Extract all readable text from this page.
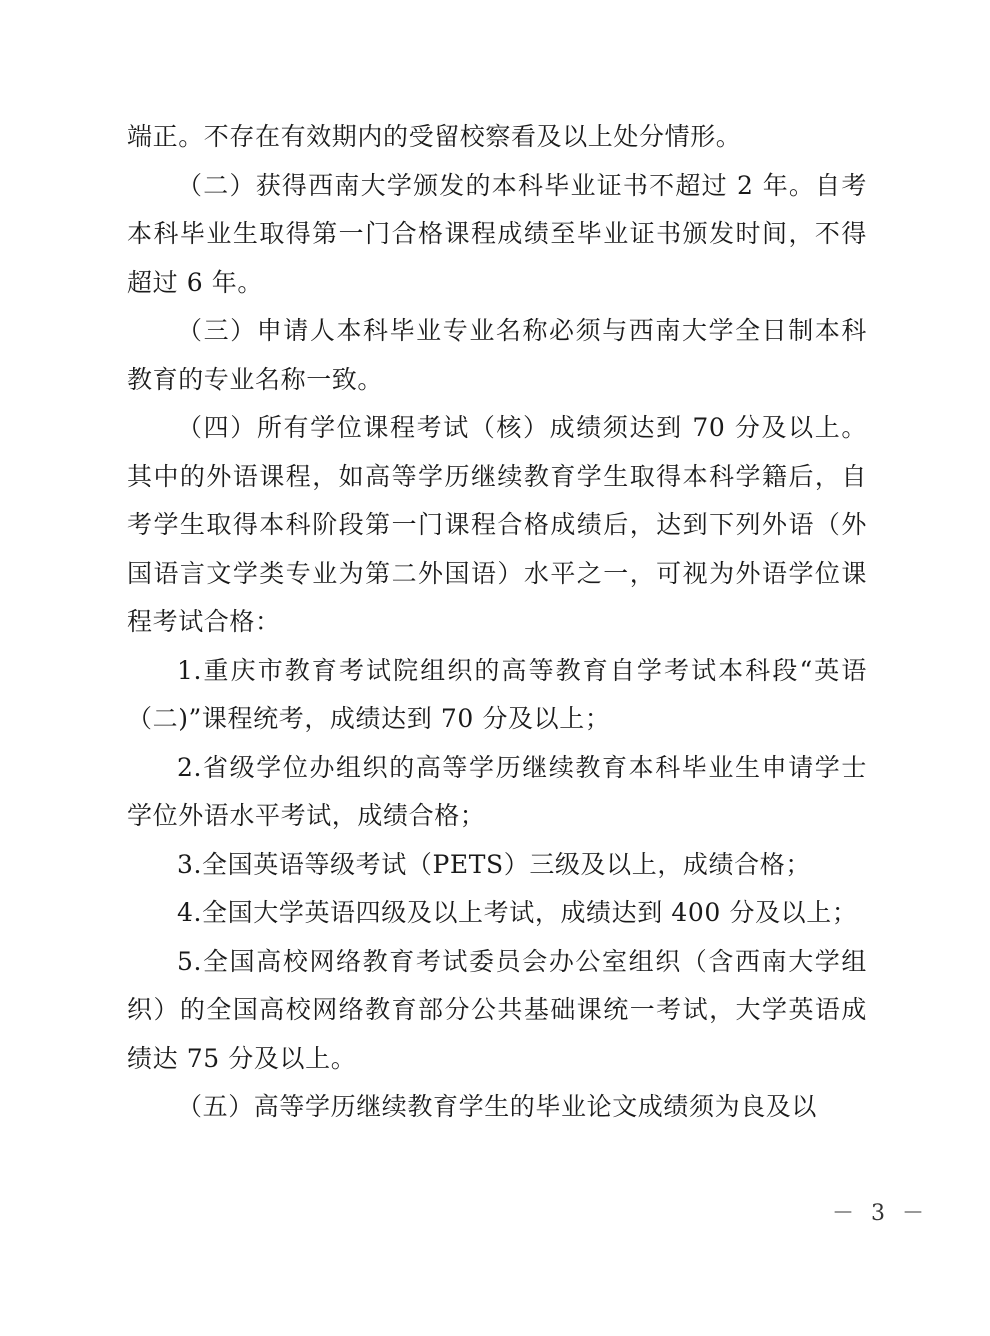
端正。不存在有效期内的受留校察看及以上处分情形。

（二）获得西南大学颁发的本科毕业证书不超过 2 年。自考本科毕业生取得第一门合格课程成绩至毕业证书颁发时间，不得超过 6 年。

（三）申请人本科毕业专业名称必须与西南大学全日制本科教育的专业名称一致。

（四）所有学位课程考试（核）成绩须达到 70 分及以上。其中的外语课程，如高等学历继续教育学生取得本科学籍后，自考学生取得本科阶段第一门课程合格成绩后，达到下列外语（外国语言文学类专业为第二外国语）水平之一，可视为外语学位课程考试合格：

1.重庆市教育考试院组织的高等教育自学考试本科段“英语（二)”课程统考，成绩达到 70 分及以上；

2.省级学位办组织的高等学历继续教育本科毕业生申请学士学位外语水平考试，成绩合格；

3.全国英语等级考试（PETS）三级及以上，成绩合格；

4.全国大学英语四级及以上考试，成绩达到 400 分及以上；

5.全国高校网络教育考试委员会办公室组织（含西南大学组织）的全国高校网络教育部分公共基础课统一考试，大学英语成绩达 75 分及以上。

（五）高等学历继续教育学生的毕业论文成绩须为良及以

－ 3 －
